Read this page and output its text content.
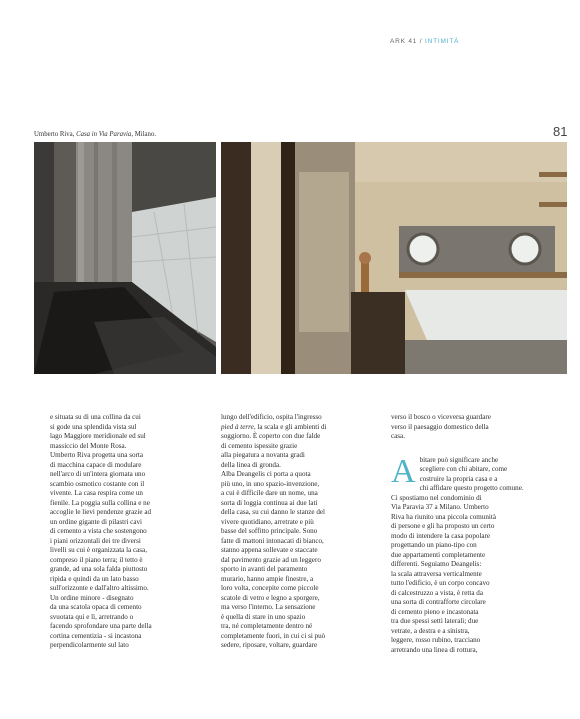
ARK 41 / INTIMITÀ
Umberto Riva, Casa in Via Paravia, Milano.	81

e situata su di una collina da cui
si gode una splendida vista sul
lago Maggiore meridionale ed sul
massiccio del Monte Rosa.
Umberto Riva progetta una sorta
di macchina capace di modulare
nell'arco di un'intera giornata uno
scambio osmotico costante con il
vivente. La casa respira come un
fienile. La poggia sulla collina e ne
accoglie le lievi pendenze grazie ad
un ordine gigante di pilastri cavi
di cemento a vista che sostengono
i piani orizzontali dei tre diversi
livelli su cui è organizzata la casa,
compreso il piano terra; il tetto è
grande, ad una sola falda piuttosto
ripida e quindi da un lato basso
sull'orizzonte e dall'altro altissimo.
Un ordine minore - disegnato
da una scatola opaca di cemento
svuotata qui e lì, arretrando o
facendo sprofondare una parte della
cortina cementizia - si incastona
perpendicolarmente sul lato

lungo dell'edificio, ospita l'ingresso
pied à terre, la scala e gli ambienti di
soggiorno. È coperto con due falde
di cemento ispessite grazie
alla piegatura a novanta gradi
della linea di gronda.
Alba Deangelis ci porta a quota
più uno, in uno spazio-invenzione,
a cui è difficile dare un nome, una
sorta di loggia continua ai due lati
della casa, su cui danno le stanze del
vivere quotidiano, arretrate e più
basse del soffitto principale. Sono
fatte di mattoni intonacati di bianco,
stanno appena sollevate e staccate
dal pavimento grazie ad un leggero
sporto in avanti del paramento
murario, hanno ampie finestre, a
loro volta, concepite come piccole
scatole di vetro e legno a sporgere,
ma verso l'interno. La sensazione
è quella di stare in uno spazio
tra, né completamente dentro né
completamente fuori, in cui ci si può
sedere, riposare, voltare, guardare

verso il bosco o viceversa guardare
verso il paesaggio domestico della
casa.

A bitare può significare anche
scegliere con chi abitare, come
costruire la propria casa e a
chi affidare questo progetto comune.
Ci spostiamo nel condominio di
Via Paravia 37 a Milano. Umberto
Riva ha riunito una piccola comunità
di persone e gli ha proposto un certo
modo di intendere la casa popolare
progettando un piano-tipo con
due appartamenti completamente
differenti. Seguiamo Deangelis:
la scala attraversa verticalmente
tutto l'edificio, è un corpo concavo
di calcestruzzo a vista, è retta da
una sorta di contrafforte circolare
di cemento pieno e incastonata
tra due spessi setti laterali; due
vetrate, a destra e a sinistra,
leggere, rosso rubino, tracciano
arretrando una linea di rottura,
